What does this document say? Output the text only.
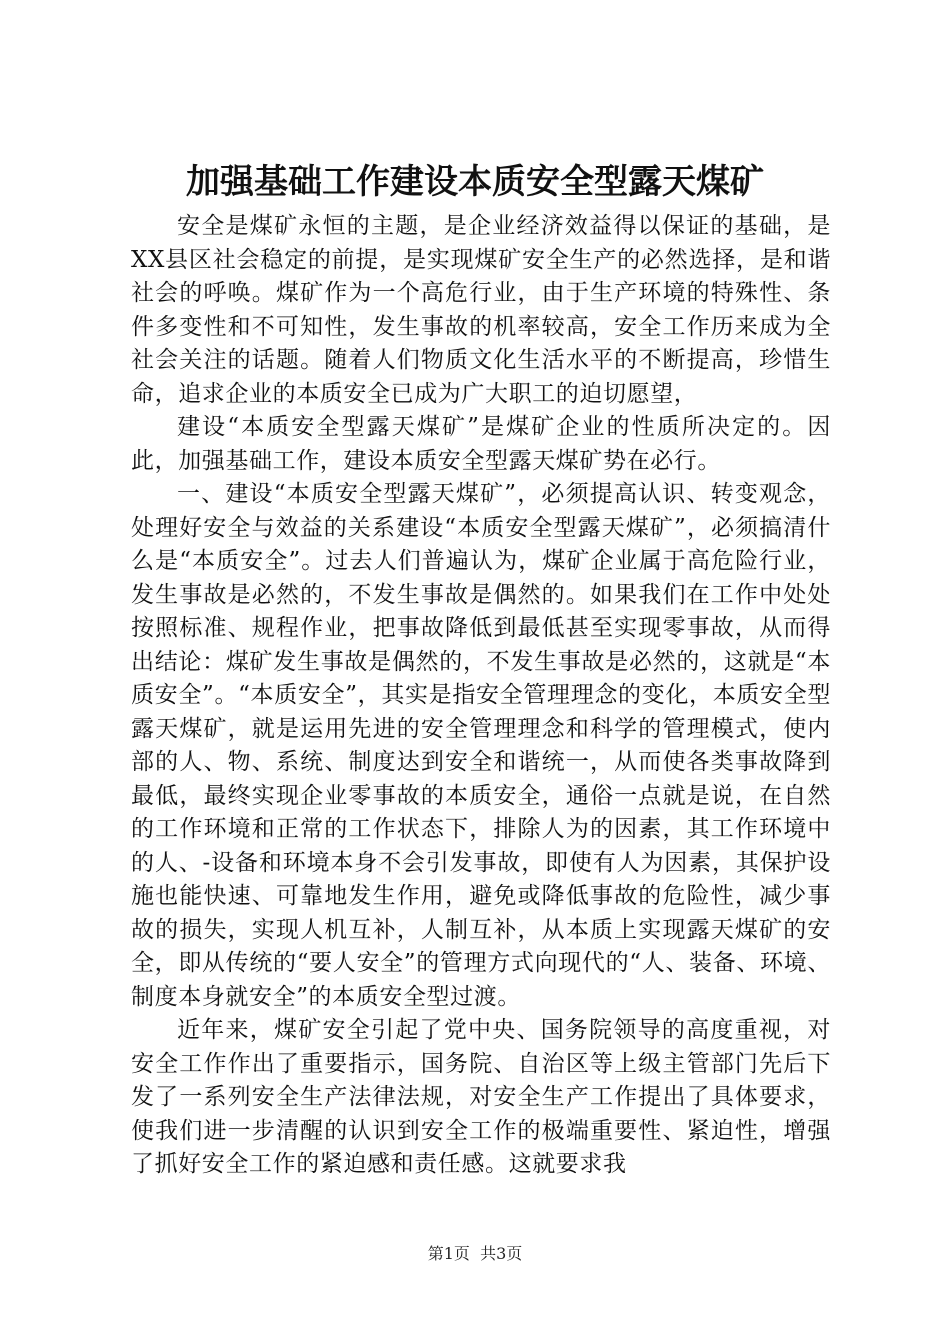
加强基础工作建设本质安全型露天煤矿

安全是煤矿永恒的主题，是企业经济效益得以保证的基础，是XX县区社会稳定的前提，是实现煤矿安全生产的必然选择，是和谐社会的呼唤。煤矿作为一个高危行业，由于生产环境的特殊性、条件多变性和不可知性，发生事故的机率较高，安全工作历来成为全社会关注的话题。随着人们物质文化生活水平的不断提高，珍惜生命，追求企业的本质安全已成为广大职工的迫切愿望，

建设“本质安全型露天煤矿”是煤矿企业的性质所决定的。因此，加强基础工作，建设本质安全型露天煤矿势在必行。

一、建设“本质安全型露天煤矿”，必须提高认识、转变观念，处理好安全与效益的关系建设“本质安全型露天煤矿”，必须搞清什么是“本质安全”。过去人们普遍认为，煤矿企业属于高危险行业，发生事故是必然的，不发生事故是偶然的。如果我们在工作中处处按照标准、规程作业，把事故降低到最低甚至实现零事故，从而得出结论：煤矿发生事故是偶然的，不发生事故是必然的，这就是“本质安全”。“本质安全”，其实是指安全管理理念的变化，本质安全型露天煤矿，就是运用先进的安全管理理念和科学的管理模式，使内部的人、物、系统、制度达到安全和谐统一，从而使各类事故降到最低，最终实现企业零事故的本质安全，通俗一点就是说，在自然的工作环境和正常的工作状态下，排除人为的因素，其工作环境中的人、-设备和环境本身不会引发事故，即使有人为因素，其保护设施也能快速、可靠地发生作用，避免或降低事故的危险性，减少事故的损失，实现人机互补，人制互补，从本质上实现露天煤矿的安全，即从传统的“要人安全”的管理方式向现代的“人、装备、环境、制度本身就安全”的本质安全型过渡。

近年来，煤矿安全引起了党中央、国务院领导的高度重视，对安全工作作出了重要指示，国务院、自治区等上级主管部门先后下发了一系列安全生产法律法规，对安全生产工作提出了具体要求，使我们进一步清醒的认识到安全工作的极端重要性、紧迫性，增强了抓好安全工作的紧迫感和责任感。这就要求我

第1页  共3页
